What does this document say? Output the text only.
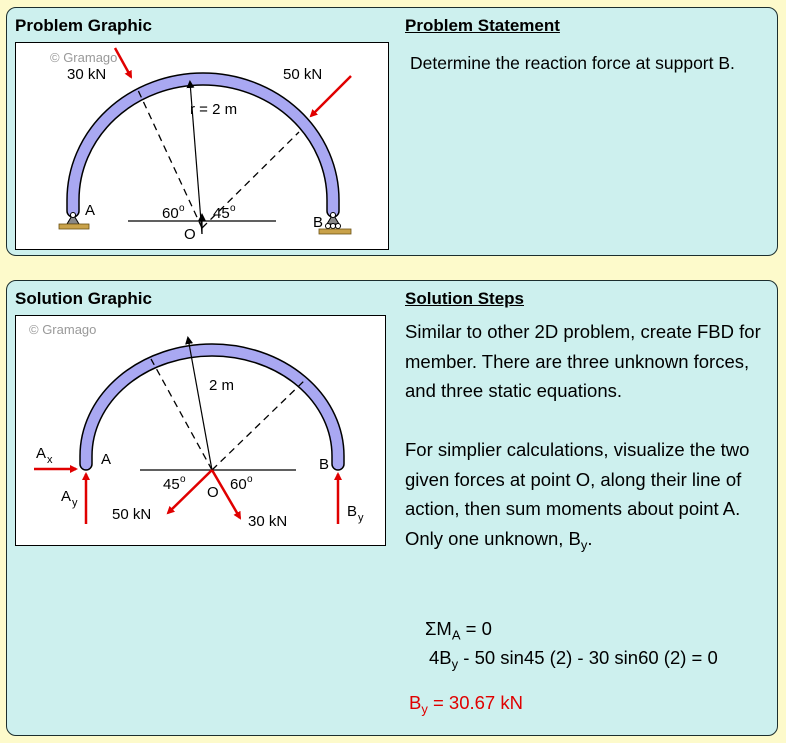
Problem Graphic	Problem Statement
© Gramago
30 kN	50 kN
r = 2 m
60 o 45 o
O
A
B
Determine the reaction force at support B.
Solution Graphic	Solution Steps
© Gramago
2 m
A x
A y	B y
A	B
O
45 o	60 o
50 kN	30 kN

Similar to other 2D problem, create FBD for member. There are three unknown forces, and three static equations.

For simplier calculations, visualize the two given forces at point O, along their line of action, then sum moments about point A. Only one unknown, $B_y$.

$\Sigma M_A = 0$
$4B_y - 50$ sin45 (2) - 30 sin60 (2) = 0
$B_y = 30.67$ kN
